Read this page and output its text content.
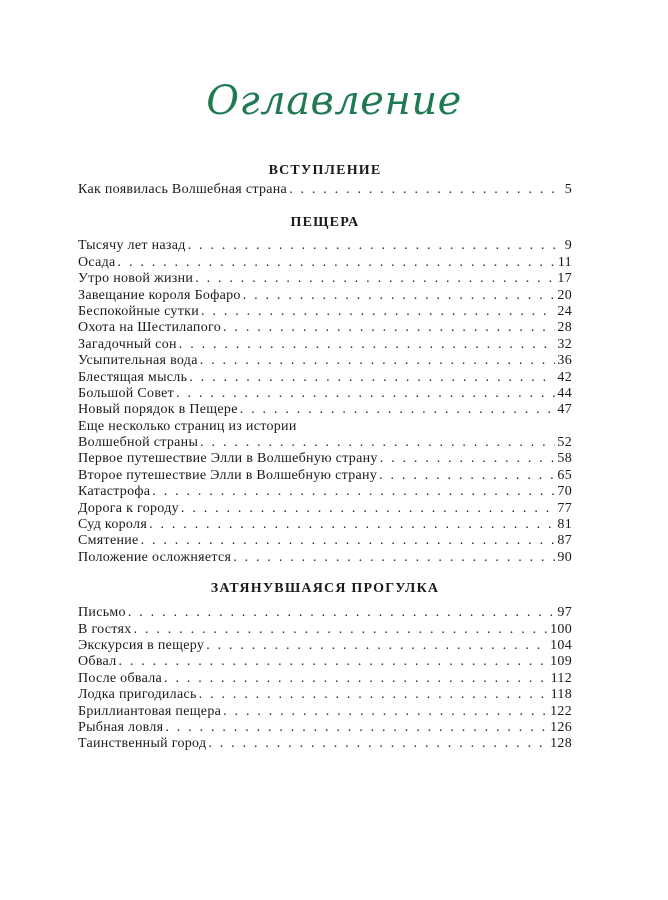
Оглавление
ВСТУПЛЕНИЕ
Как появилась Волшебная страна . . .	5
ПЕЩЕРА
Тысячу лет назад . . .	9
Осада . . .	11
Утро новой жизни . . .	17
Завещание короля Бофаро . . .	20
Беспокойные сутки . . .	24
Охота на Шестилапого . . .	28
Загадочный сон . . .	32
Усыпительная вода . . .	36
Блестящая мысль . . .	42
Большой Совет . . .	44
Новый порядок в Пещере . . .	47
Еще несколько страниц из истории
Волшебной страны . . .	52
Первое путешествие Элли в Волшебную страну . . .	58
Второе путешествие Элли в Волшебную страну . . .	65
Катастрофа . . .	70
Дорога к городу . . .	77
Суд короля . . .	81
Смятение . . .	87
Положение осложняется . . .	90
ЗАТЯНУВШАЯСЯ ПРОГУЛКА
Письмо . . .	97
В гостях . . .	100
Экскурсия в пещеру . . .	104
Обвал . . .	109
После обвала . . .	112
Лодка пригодилась . . .	118
Бриллиантовая пещера . . .	122
Рыбная ловля . . .	126
Таинственный город . . .	128
